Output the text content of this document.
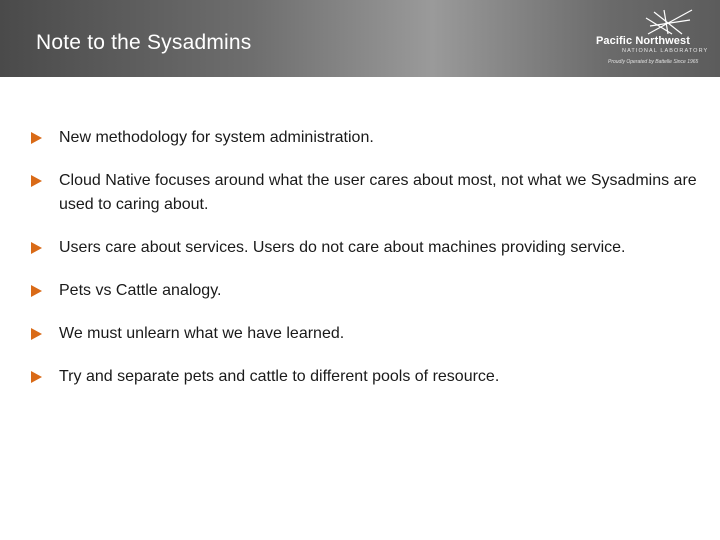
Note to the Sysadmins	Pacific Northwest
NATIONAL LABORATORY
Proudly Operated by Battelle Since 1965
New methodology for system administration.
Cloud Native focuses around what the user cares about most, not what we Sysadmins are used to caring about.
Users care about services. Users do not care about machines providing service.
Pets vs Cattle analogy.
We must unlearn what we have learned.
Try and separate pets and cattle to different pools of resource.
